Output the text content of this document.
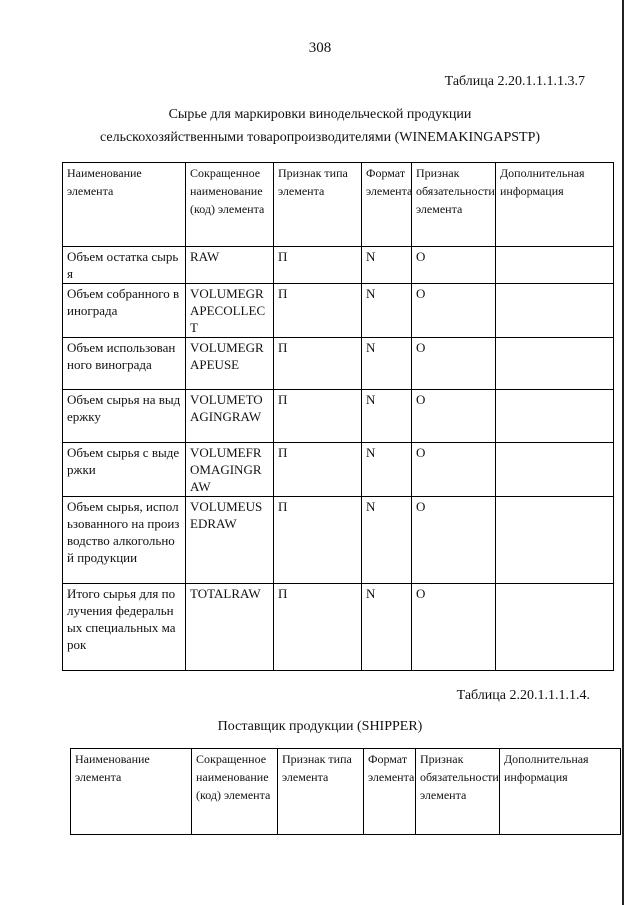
308
Таблица 2.20.1.1.1.1.3.7
Сырье для маркировки винодельческой продукции
сельскохозяйственными товаропроизводителями (WINEMAKINGAPSTP)
Наименование элемента	Сокращенное наименование (код) элемента	Признак типа элемента	Формат элемента	Признак обязательности элемента	Дополнительная информация
Объем остатка сырья	RAW	П	N	О	
Объем собранного винограда	VOLUMEGRAPECOLLECT	П	N	О	
Объем использованного винограда	VOLUMEGRAPEUSE	П	N	О	
Объем сырья на выдержку	VOLUMETOAGINGRAW	П	N	О	
Объем сырья с выдержки	VOLUMEFROMAGINGRAW	П	N	О	
Объем сырья, использованного на производство алкогольной продукции	VOLUMEUSEDRAW	П	N	О	
Итого сырья для получения федеральных специальных марок	TOTALRAW	П	N	О	
Таблица 2.20.1.1.1.1.4.
Поставщик продукции (SHIPPER)
Наименование элемента	Сокращенное наименование (код) элемента	Признак типа элемента	Формат элемента	Признак обязательности элемента	Дополнительная информация
